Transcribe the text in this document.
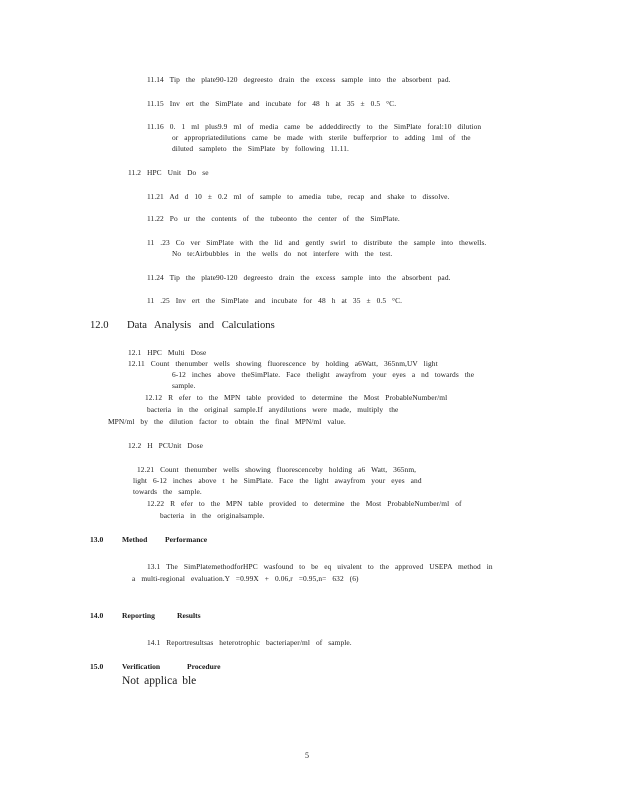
11.14 Tip the plate90-120 degreesto drain the excess sample into the absorbent pad.
11.15 Inv ert the SimPlate and incubate for 48 h at 35 ± 0.5 °C.
11.16 0. 1 ml plus9.9 ml of media came be addeddirectly to the SimPlate foral:10 dilution
or appropriatedilutions came be made with sterile bufferprior to adding 1ml of the
diluted sampleto the SimPlate by following 11.11.
11.2 HPC Unit Do se
11.21 Ad d 10 ± 0.2 ml of sample to amedia tube, recap and shake to dissolve.
11.22 Po ur the contents of the tubeonto the center of the SimPlate.
11 .23 Co ver SimPlate with the lid and gently swirl to distribute the sample into thewells.
No te:Airbubbles in the wells do not interfere with the test.
11.24 Tip the plate90-120 degreesto drain the excess sample into the absorbent pad.
11 .25 Inv ert the SimPlate and incubate for 48 h at 35 ± 0.5 °C.
12.0 Data Analysis and Calculations
12.1 HPC Multi Dose
12.11 Count thenumber wells showing fluorescence by holding a6Watt, 365nm,UV light
6-12 inches above theSimPlate. Face thelight awayfrom your eyes a nd towards the
sample.
12.12 R efer to the MPN table provided to determine the Most ProbableNumber/ml
bacteria in the original sample.If anydilutions were made, multiply the
MPN/ml by the dilution factor to obtain the final MPN/ml value.
12.2 H PCUnit Dose
12.21 Count thenumber wells showing fluorescenceby holding a6 Watt, 365nm,
light 6-12 inches above t he SimPlate. Face the light awayfrom your eyes and
towards the sample.
12.22 R efer to the MPN table provided to determine the Most ProbableNumber/ml of
bacteria in the originalsample.
13.0 Method Performance
13.1 The SimPlatemethodforHPC wasfound to be eq uivalent to the approved USEPA method in
a multi-regional evaluation.Y =0.99X + 0.06,r =0.95,n= 632 (6)
14.0 Reporting	Results
14.1 Reportresultsas heterotrophic bacteriaper/ml of sample.
15.0 Verification	Procedure
Not applica ble
5
